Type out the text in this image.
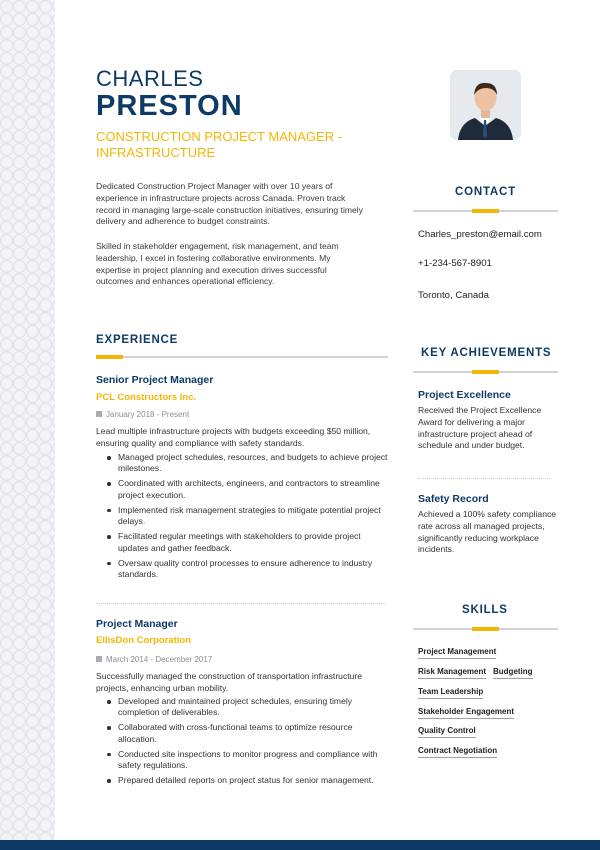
CHARLES
PRESTON
CONSTRUCTION PROJECT MANAGER - INFRASTRUCTURE

Dedicated Construction Project Manager with over 10 years of experience in infrastructure projects across Canada. Proven track record in managing large-scale construction initiatives, ensuring timely delivery and adherence to budget constraints.

Skilled in stakeholder engagement, risk management, and team leadership, I excel in fostering collaborative environments. My expertise in project planning and execution drives successful outcomes and enhances operational efficiency.

EXPERIENCE
Senior Project Manager
PCL Constructors Inc.
January 2018 - Present

Lead multiple infrastructure projects with budgets exceeding $50 million, ensuring quality and compliance with safety standards.

Managed project schedules, resources, and budgets to achieve project milestones.
Coordinated with architects, engineers, and contractors to streamline project execution.
Implemented risk management strategies to mitigate potential project delays.
Facilitated regular meetings with stakeholders to provide project updates and gather feedback.
Oversaw quality control processes to ensure adherence to industry standards.
Project Manager
EllisDon Corporation
March 2014 - December 2017

Successfully managed the construction of transportation infrastructure projects, enhancing urban mobility.

Developed and maintained project schedules, ensuring timely completion of deliverables.
Collaborated with cross-functional teams to optimize resource allocation.
Conducted site inspections to monitor progress and compliance with safety regulations.
Prepared detailed reports on project status for senior management.
CONTACT
Charles_preston@email.com
+1-234-567-8901
Toronto, Canada
KEY ACHIEVEMENTS
Project Excellence

Received the Project Excellence Award for delivering a major infrastructure project ahead of schedule and under budget.

Safety Record

Achieved a 100% safety compliance rate across all managed projects, significantly reducing workplace incidents.

SKILLS
Project Management
Risk Management Budgeting
Team Leadership
Stakeholder Engagement
Quality Control
Contract Negotiation
